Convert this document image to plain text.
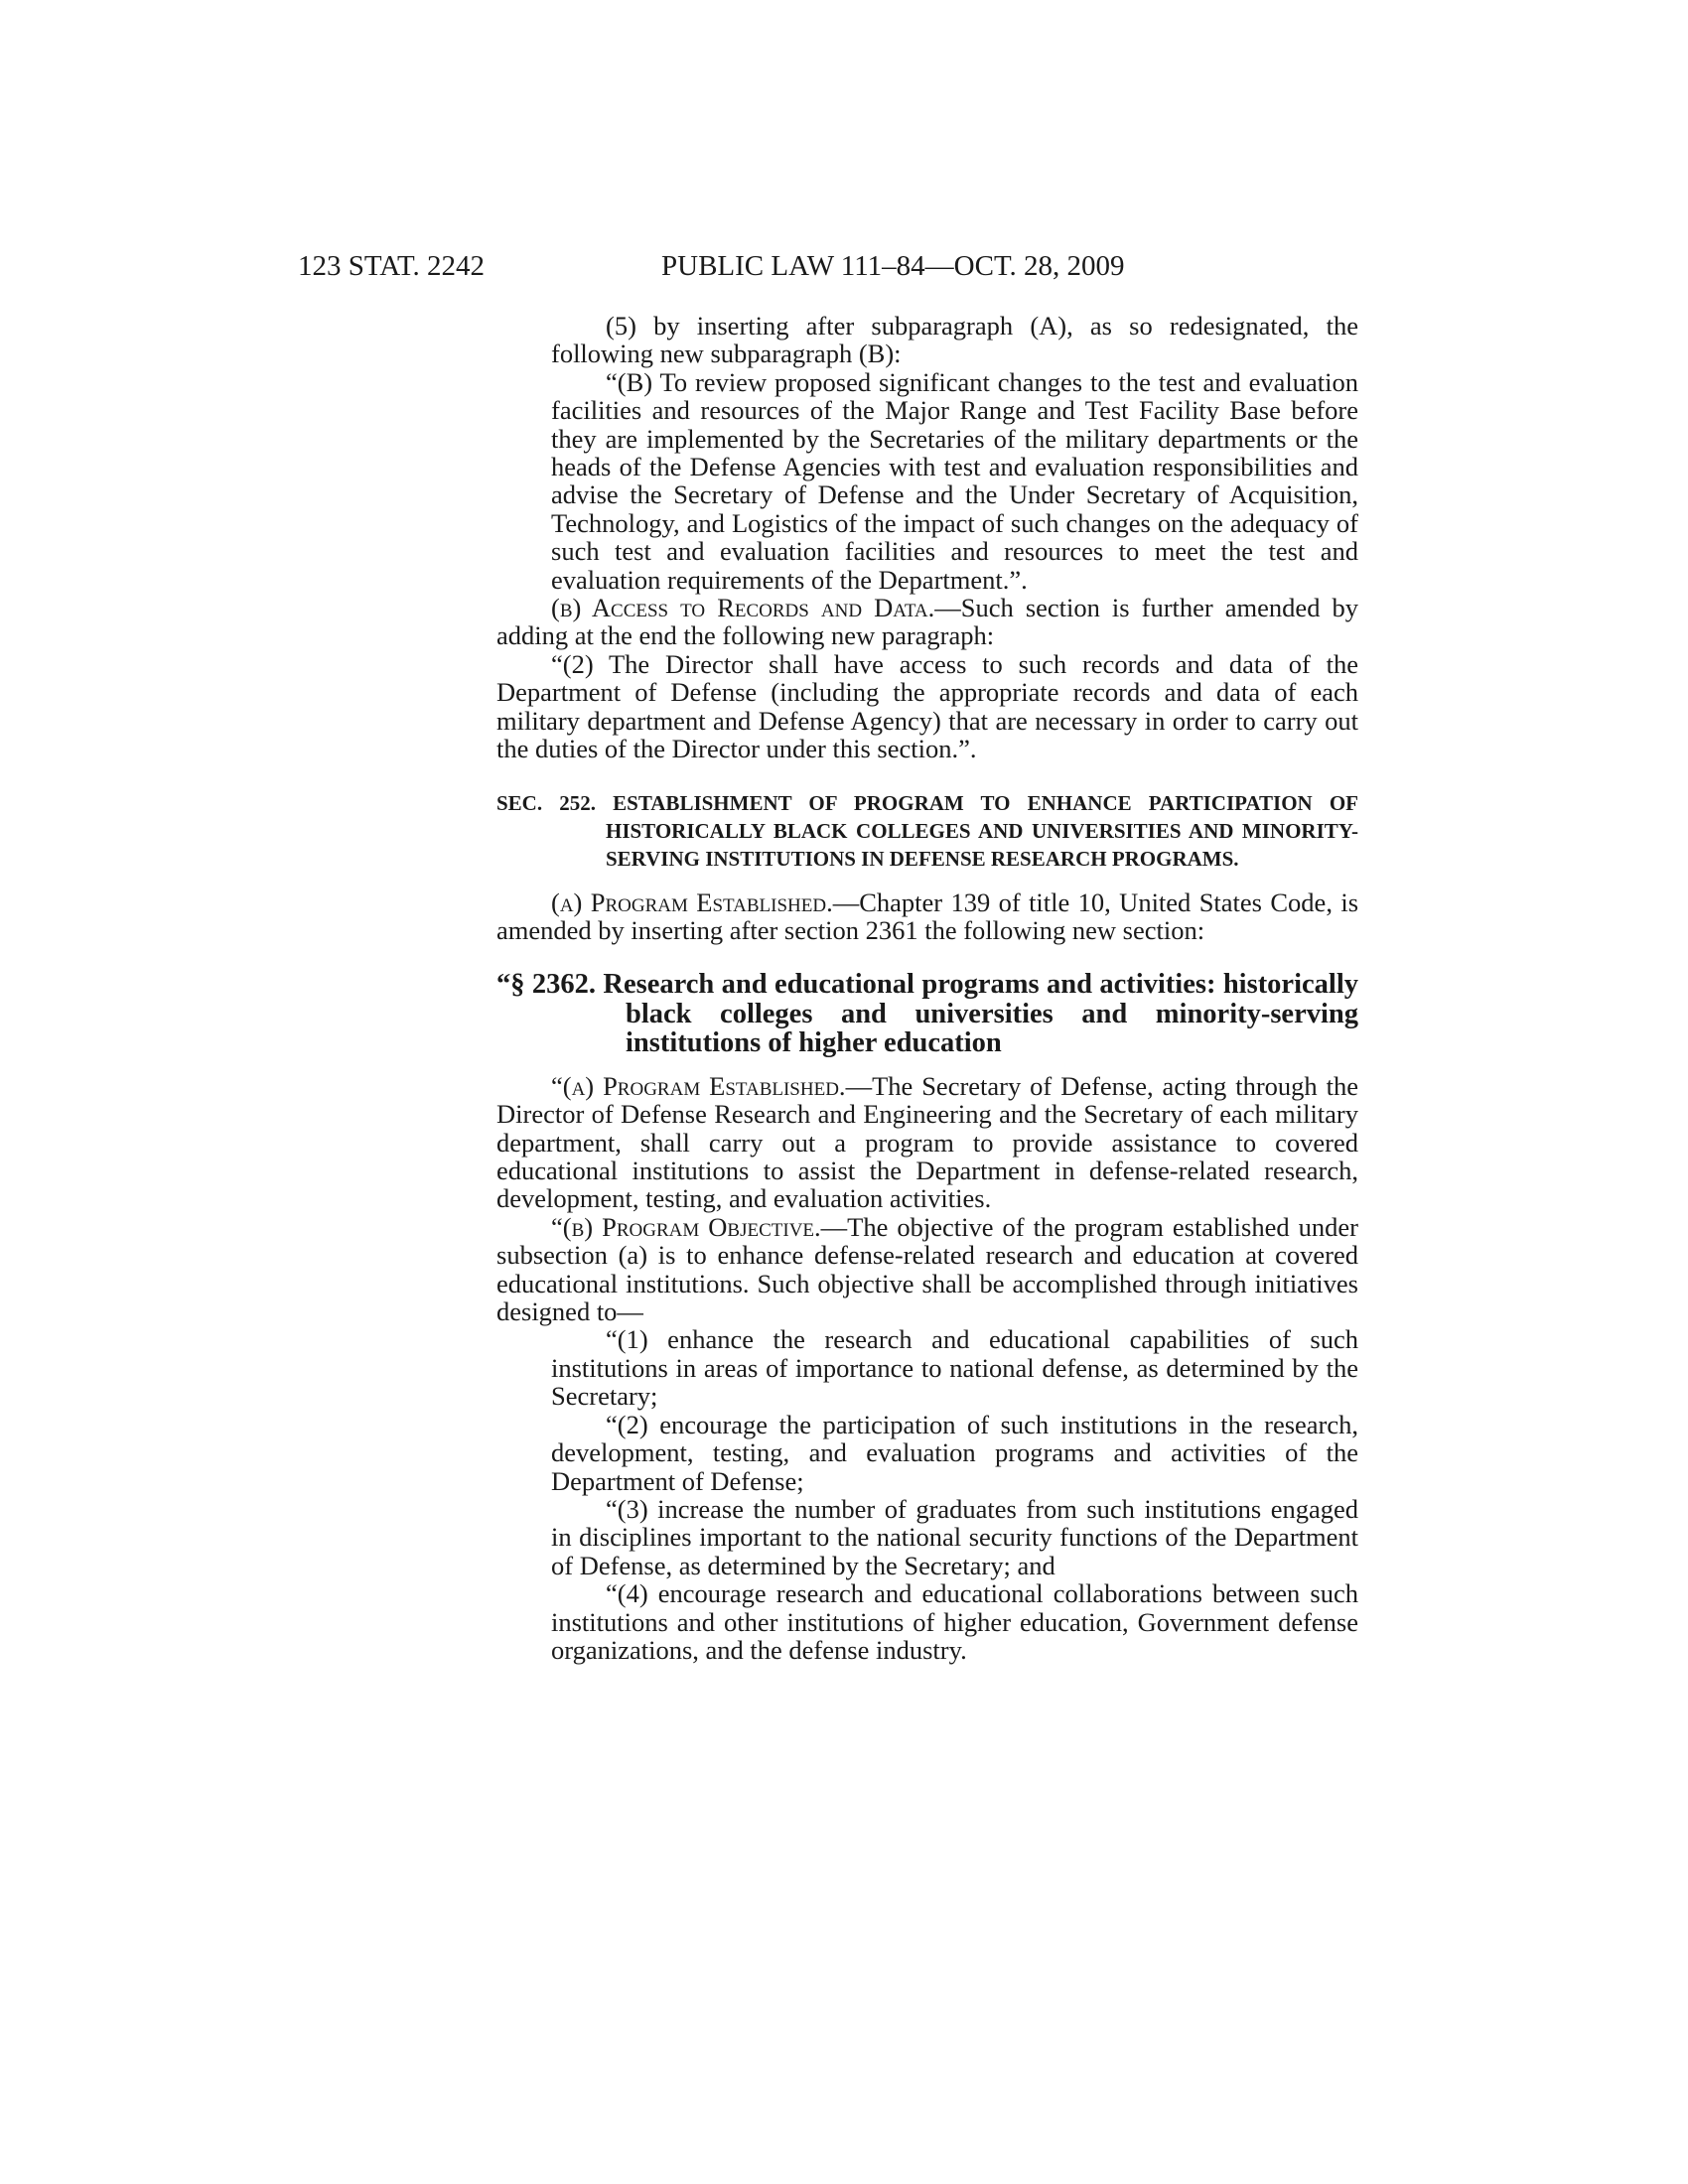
123 STAT. 2242	PUBLIC LAW 111–84—OCT. 28, 2009

(5) by inserting after subparagraph (A), as so redesignated, the following new subparagraph (B):

“(B) To review proposed significant changes to the test and evaluation facilities and resources of the Major Range and Test Facility Base before they are implemented by the Secretaries of the military departments or the heads of the Defense Agencies with test and evaluation responsibilities and advise the Secretary of Defense and the Under Secretary of Acquisition, Technology, and Logistics of the impact of such changes on the adequacy of such test and evaluation facilities and resources to meet the test and evaluation requirements of the Department.”.

(b) Access to Records and Data.—Such section is further amended by adding at the end the following new paragraph:

“(2) The Director shall have access to such records and data of the Department of Defense (including the appropriate records and data of each military department and Defense Agency) that are necessary in order to carry out the duties of the Director under this section.”.

SEC. 252. ESTABLISHMENT OF PROGRAM TO ENHANCE PARTICIPATION OF HISTORICALLY BLACK COLLEGES AND UNIVERSITIES AND MINORITY-SERVING INSTITUTIONS IN DEFENSE RESEARCH PROGRAMS.

(a) Program Established.—Chapter 139 of title 10, United States Code, is amended by inserting after section 2361 the following new section:

“§ 2362. Research and educational programs and activities: historically black colleges and universities and minority-serving institutions of higher education

“(a) Program Established.—The Secretary of Defense, acting through the Director of Defense Research and Engineering and the Secretary of each military department, shall carry out a program to provide assistance to covered educational institutions to assist the Department in defense-related research, development, testing, and evaluation activities.

“(b) Program Objective.—The objective of the program established under subsection (a) is to enhance defense-related research and education at covered educational institutions. Such objective shall be accomplished through initiatives designed to—

“(1) enhance the research and educational capabilities of such institutions in areas of importance to national defense, as determined by the Secretary;

“(2) encourage the participation of such institutions in the research, development, testing, and evaluation programs and activities of the Department of Defense;

“(3) increase the number of graduates from such institutions engaged in disciplines important to the national security functions of the Department of Defense, as determined by the Secretary; and

“(4) encourage research and educational collaborations between such institutions and other institutions of higher education, Government defense organizations, and the defense industry.
